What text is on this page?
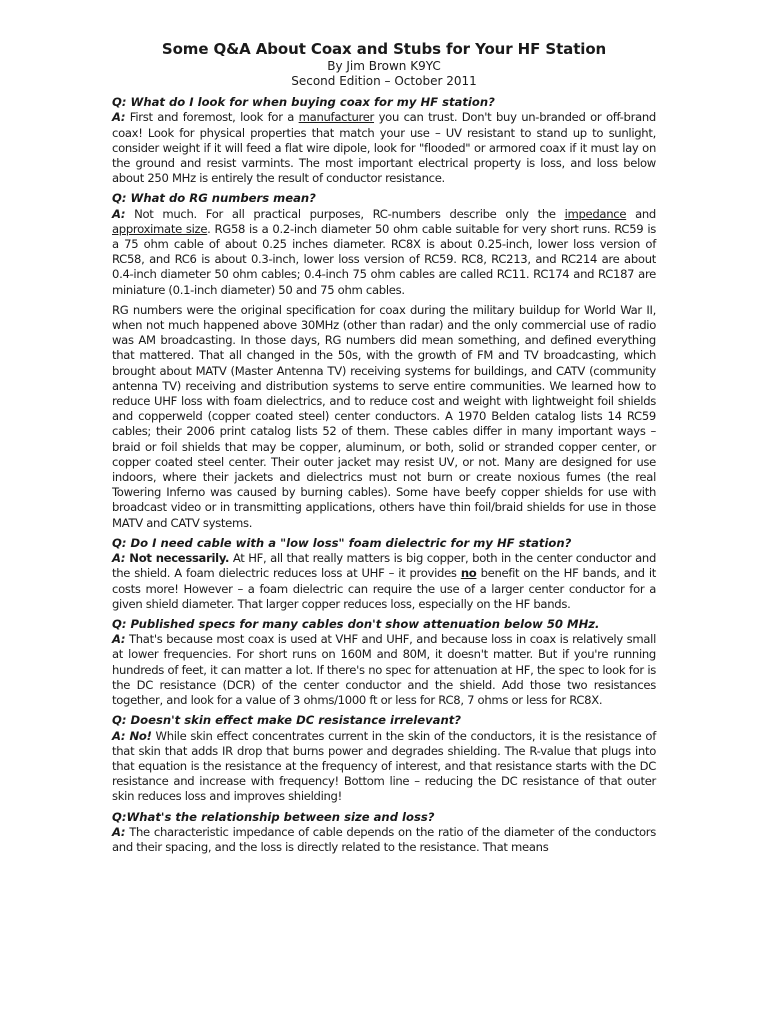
Some Q&A About Coax and Stubs for Your HF Station

By Jim Brown K9YC

Second Edition – October 2011

Q: What do I look for when buying coax for my HF station?

A: First and foremost, look for a manufacturer you can trust. Don't buy un-branded or off-brand coax! Look for physical properties that match your use – UV resistant to stand up to sunlight, consider weight if it will feed a flat wire dipole, look for "flooded" or armored coax if it must lay on the ground and resist varmints. The most important electrical property is loss, and loss below about 250 MHz is entirely the result of conductor resistance.

Q: What do RG numbers mean?

A: Not much. For all practical purposes, RC-numbers describe only the impedance and approximate size. RG58 is a 0.2-inch diameter 50 ohm cable suitable for very short runs. RC59 is a 75 ohm cable of about 0.25 inches diameter. RC8X is about 0.25-inch, lower loss version of RC58, and RC6 is about 0.3-inch, lower loss version of RC59. RC8, RC213, and RC214 are about 0.4-inch diameter 50 ohm cables; 0.4-inch 75 ohm cables are called RC11. RC174 and RC187 are miniature (0.1-inch diameter) 50 and 75 ohm cables.

RG numbers were the original specification for coax during the military buildup for World War II, when not much happened above 30MHz (other than radar) and the only commercial use of radio was AM broadcasting. In those days, RG numbers did mean something, and defined everything that mattered. That all changed in the 50s, with the growth of FM and TV broadcasting, which brought about MATV (Master Antenna TV) receiving systems for buildings, and CATV (community antenna TV) receiving and distribution systems to serve entire communities. We learned how to reduce UHF loss with foam dielectrics, and to reduce cost and weight with lightweight foil shields and copperweld (copper coated steel) center conductors. A 1970 Belden catalog lists 14 RC59 cables; their 2006 print catalog lists 52 of them. These cables differ in many important ways – braid or foil shields that may be copper, aluminum, or both, solid or stranded copper center, or copper coated steel center. Their outer jacket may resist UV, or not. Many are designed for use indoors, where their jackets and dielectrics must not burn or create noxious fumes (the real Towering Inferno was caused by burning cables). Some have beefy copper shields for use with broadcast video or in transmitting applications, others have thin foil/braid shields for use in those MATV and CATV systems.

Q: Do I need cable with a "low loss" foam dielectric for my HF station?

A: Not necessarily. At HF, all that really matters is big copper, both in the center conductor and the shield. A foam dielectric reduces loss at UHF – it provides no benefit on the HF bands, and it costs more! However – a foam dielectric can require the use of a larger center conductor for a given shield diameter. That larger copper reduces loss, especially on the HF bands.

Q: Published specs for many cables don't show attenuation below 50 MHz.

A: That's because most coax is used at VHF and UHF, and because loss in coax is relatively small at lower frequencies. For short runs on 160M and 80M, it doesn't matter. But if you're running hundreds of feet, it can matter a lot. If there's no spec for attenuation at HF, the spec to look for is the DC resistance (DCR) of the center conductor and the shield. Add those two resistances together, and look for a value of 3 ohms/1000 ft or less for RC8, 7 ohms or less for RC8X.

Q: Doesn't skin effect make DC resistance irrelevant?

A: No! While skin effect concentrates current in the skin of the conductors, it is the resistance of that skin that adds IR drop that burns power and degrades shielding. The R-value that plugs into that equation is the resistance at the frequency of interest, and that resistance starts with the DC resistance and increase with frequency! Bottom line – reducing the DC resistance of that outer skin reduces loss and improves shielding!

Q:What's the relationship between size and loss?

A: The characteristic impedance of cable depends on the ratio of the diameter of the conductors and their spacing, and the loss is directly related to the resistance. That means
